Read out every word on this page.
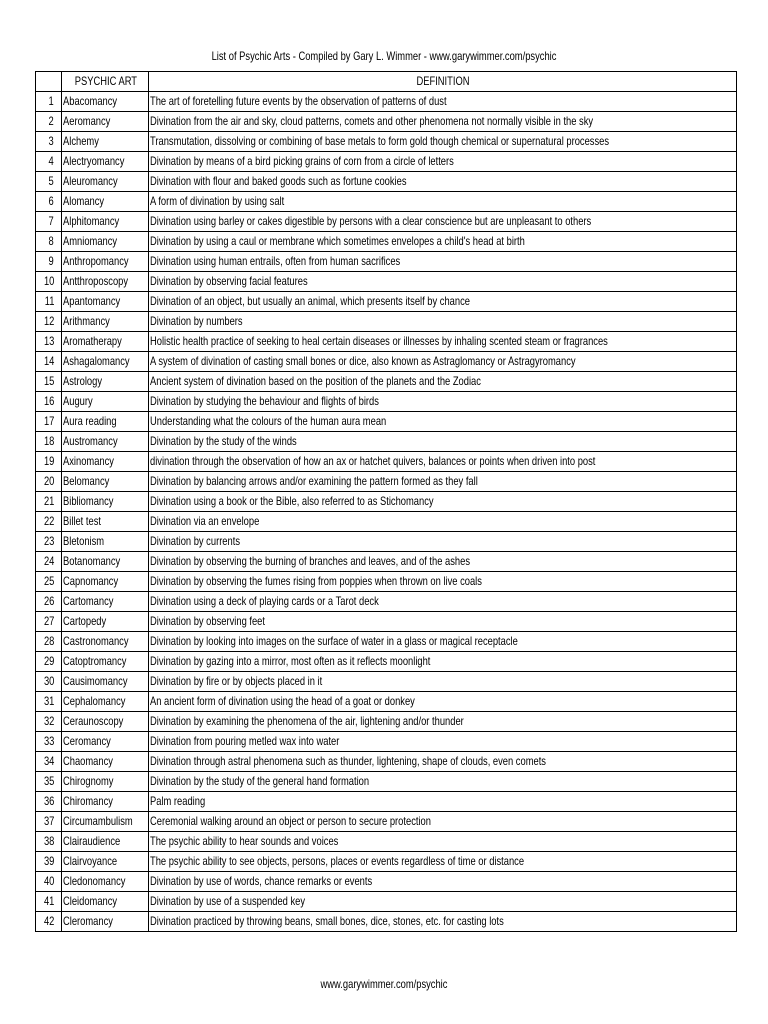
List of Psychic Arts - Compiled by Gary L. Wimmer - www.garywimmer.com/psychic
	PSYCHIC ART	DEFINITION
1	Abacomancy	The art of foretelling future events by the observation of patterns of dust
2	Aeromancy	Divination from the air and sky, cloud patterns, comets and other phenomena not normally visible in the sky
3	Alchemy	Transmutation, dissolving or combining of base metals to form gold though chemical or supernatural processes
4	Alectryomancy	Divination by means of a bird picking grains of corn from a circle of letters
5	Aleuromancy	Divination with flour and baked goods such as fortune cookies
6	Alomancy	A form of divination by using salt
7	Alphitomancy	Divination using barley or cakes digestible by persons with a clear conscience but are unpleasant to others
8	Amniomancy	Divination by using a caul or membrane which sometimes envelopes a child's head at birth
9	Anthropomancy	Divination using human entrails, often from human sacrifices
10	Antthroposcopy	Divination by observing facial features
11	Apantomancy	Divination of an object, but usually an animal, which presents itself by chance
12	Arithmancy	Divination by numbers
13	Aromatherapy	Holistic health practice of seeking to heal certain diseases or illnesses by inhaling scented steam or fragrances
14	Ashagalomancy	A system of divination of casting small bones or dice, also known as Astraglomancy or Astragyromancy
15	Astrology	Ancient system of divination based on the position of the planets and the Zodiac
16	Augury	Divination by studying the behaviour and flights of birds
17	Aura reading	Understanding what the colours of the human aura mean
18	Austromancy	Divination by the study of the winds
19	Axinomancy	divination through the observation of how an ax or hatchet quivers, balances or points when driven into post
20	Belomancy	Divination by balancing arrows and/or examining the pattern formed as they fall
21	Bibliomancy	Divination using a book or the Bible, also referred to as Stichomancy
22	Billet test	Divination via an envelope
23	Bletonism	Divination by currents
24	Botanomancy	Divination by observing the burning of branches and leaves, and of the ashes
25	Capnomancy	Divination by observing the fumes rising from poppies when thrown on live coals
26	Cartomancy	Divination using a deck of playing cards or a Tarot deck
27	Cartopedy	Divination by observing feet
28	Castronomancy	Divination by looking into images on the surface of water in a glass or magical receptacle
29	Catoptromancy	Divination by gazing into a mirror, most often as it reflects moonlight
30	Causimomancy	Divination by fire or by objects placed in it
31	Cephalomancy	An ancient form of divination using the head of a goat or donkey
32	Ceraunoscopy	Divination by examining the phenomena of the air, lightening and/or thunder
33	Ceromancy	Divination from pouring metled wax into water
34	Chaomancy	Divination through astral phenomena such as thunder, lightening, shape of clouds, even comets
35	Chirognomy	Divination by the study of the general hand formation
36	Chiromancy	Palm reading
37	Circumambulism	Ceremonial walking around an object or person to secure protection
38	Clairaudience	The psychic ability to hear sounds and voices
39	Clairvoyance	The psychic ability to see objects, persons, places or events regardless of time or distance
40	Cledonomancy	Divination by use of words, chance remarks or events
41	Cleidomancy	Divination by use of a suspended key
42	Cleromancy	Divination practiced by throwing beans, small bones, dice, stones, etc. for casting lots
www.garywimmer.com/psychic
